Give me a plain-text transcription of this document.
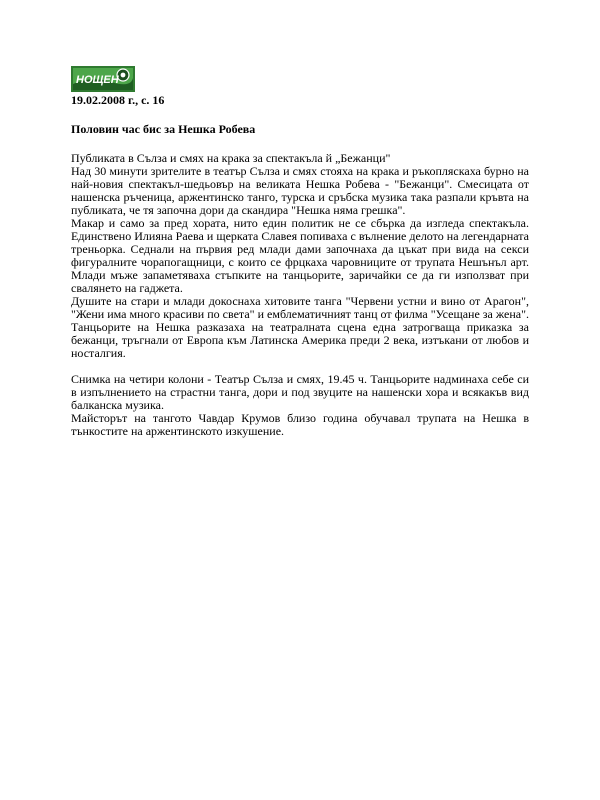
НОЩЕН

19.02.2008 г., с. 16

Половин час бис за Нешка Робева

Публиката в Сълза и смях на крака за спектакъла й „Бежанци"

Над 30 минути зрителите в театър Сълза и смях стояха на крака и ръкопляскаха бурно на най-новия спектакъл-шедьовър на великата Нешка Робева - "Бежанци". Смесицата от нашенска ръченица, аржентинско танго, турска и сръбска музика така разпали кръвта на публиката, че тя започна дори да скандира "Нешка няма грешка".

Макар и само за пред хората, нито един политик не се сбърка да изгледа спектакъла. Единствено Илияна Раева и щерката Славея попиваха с вълнение делото на легендарната треньорка. Седнали на първия ред млади дами започнаха да цъкат при вида на секси фигуралните чорапогащници, с които се фрцкаха чаровниците от трупата Нешънъл арт. Млади мъже запаметяваха стъпките на танцьорите, заричайки се да ги използват при свалянето на гаджета.

Душите на стари и млади докоснаха хитовите танга "Червени устни и вино от Арагон", "Жени има много красиви по света" и емблематичният танц от филма "Усещане за жена". Танцьорите на Нешка разказаха на театралната сцена една затрогваща приказка за бежанци, тръгнали от Европа към Латинска Америка преди 2 века, изтъкани от любов и носталгия.

Снимка на четири колони - Театър Сълза и смях, 19.45 ч. Танцьорите надминаха себе си в изпълнението на страстни танга, дори и под звуците на нашенски хора и всякакъв вид балканска музика.

Майсторът на тангото Чавдар Крумов близо година обучавал трупата на Нешка в тънкостите на аржентинското изкушение.
